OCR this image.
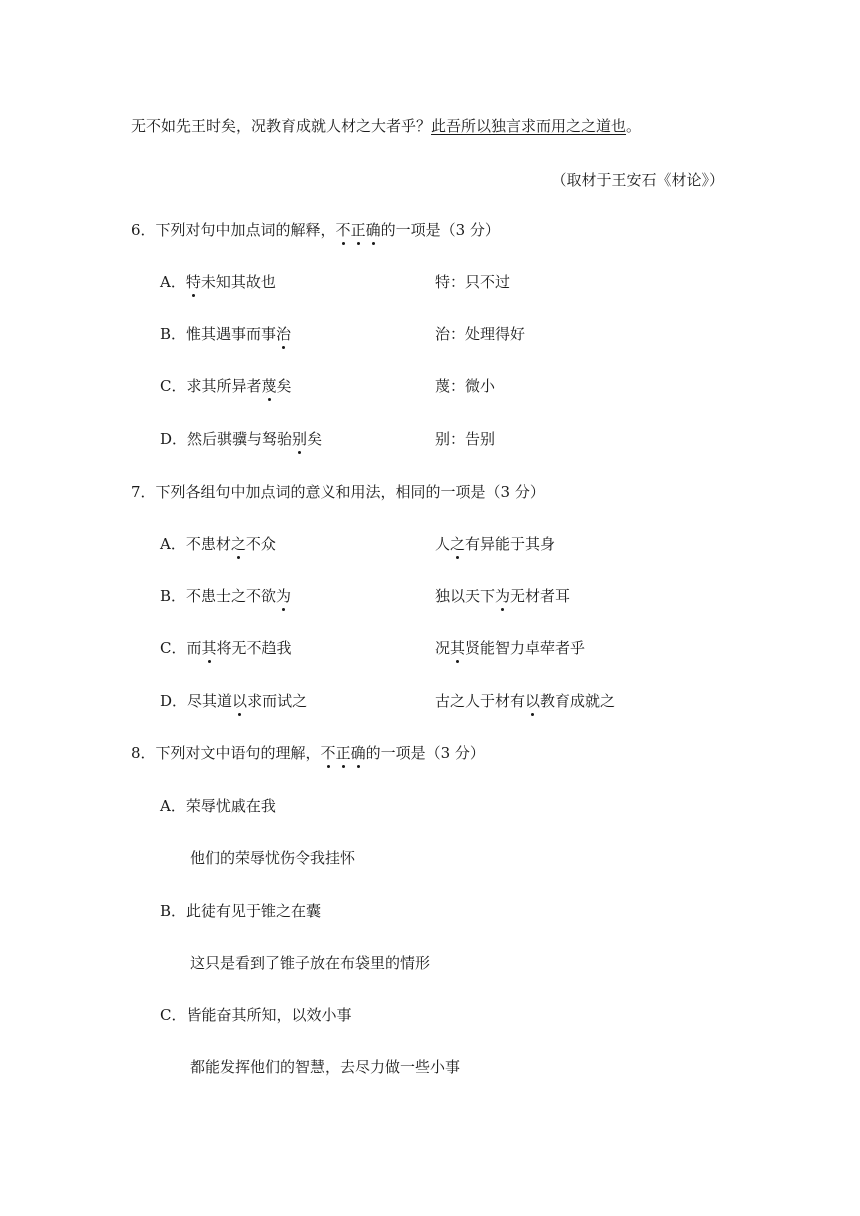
无不如先王时矣，况教育成就人材之大者乎？此吾所以独言求而用之之道也。
（取材于王安石《材论》）
6．下列对句中加点词的解释，不正确的一项是（3 分）
A．特未知其故也	特：只不过
B．惟其遇事而事治	治：处理得好
C．求其所异者蔑矣	蔑：微小
D．然后骐骥与驽骀别矣	别：告别
7．下列各组句中加点词的意义和用法，相同的一项是（3 分）
A．不患材之不众	人之有异能于其身
B．不患士之不欲为	独以天下为无材者耳
C．而其将无不趋我	况其贤能智力卓荦者乎
D．尽其道以求而试之	古之人于材有以教育成就之
8．下列对文中语句的理解，不正确的一项是（3 分）
A．荣辱忧戚在我
他们的荣辱忧伤令我挂怀
B．此徒有见于锥之在囊
这只是看到了锥子放在布袋里的情形
C．皆能奋其所知，以效小事
都能发挥他们的智慧，去尽力做一些小事
